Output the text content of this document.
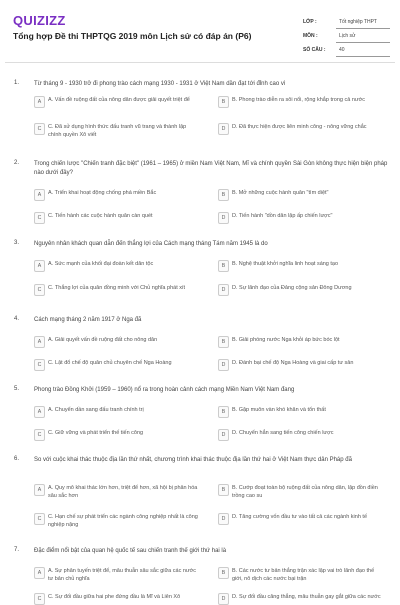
QUIZIZZ
Tổng hợp Đề thi THPTQG 2019 môn Lịch sử có đáp án (P6)
LỚP :	Tốt nghiệp THPT
MÔN :	Lịch sử
SỐ CÂU :	40
1. Từ tháng 9 - 1930 trở đi phong trào cách mạng 1930 - 1931 ở Việt Nam dần đạt tới đỉnh cao vì
A	A. Vấn đề ruộng đất của nông dân được giải quyết triệt để	B	B. Phong trào diễn ra sôi nổi, rộng khắp trong cả nước
C	C. Đã sử dụng hình thức đấu tranh vũ trang và thành lập chính quyền Xô viết
D	D. Đã thực hiện được liên minh công - nông vững chắc
2. Trong chiến lược "Chiến tranh đặc biệt" (1961 – 1965) ở miền Nam Việt Nam, Mĩ và chính quyền Sài Gòn không thực hiện biện pháp nào dưới đây?
A	A. Triển khai hoạt động chống phá miền Bắc	B	B. Mở những cuộc hành quân "tìm diệt"
C	C. Tiến hành các cuộc hành quân càn quét	D	D. Tiến hành "dồn dân lập ấp chiến lược"
3. Nguyên nhân khách quan dẫn đến thắng lợi của Cách mạng tháng Tám năm 1945 là do
A	A. Sức mạnh của khối đại đoàn kết dân tộc	B	B. Nghệ thuật khởi nghĩa linh hoạt sáng tạo
C	C. Thắng lợi của quân đồng minh với Chủ nghĩa phát xít	D	D. Sự lãnh đạo của Đảng cộng sản Đông Dương
4. Cách mạng tháng 2 năm 1917 ở Nga đã
A	A. Giải quyết vấn đề ruộng đất cho nông dân	B	B. Giải phóng nước Nga khỏi áp bức bóc lột
C	C. Lật đổ chế độ quân chủ chuyên chế Nga Hoàng	D	D. Đánh bại chế độ Nga Hoàng và giai cấp tư sản
5. Phong trào Đồng Khởi (1959 – 1960) nổ ra trong hoàn cảnh cách mạng Miền Nam Việt Nam đang
A	A. Chuyển dần sang đấu tranh chính trị	B	B. Gặp muôn vàn khó khăn và tổn thất
C	C. Giữ vững và phát triển thế tiến công	D	D. Chuyển hẳn sang tiến công chiến lược
6. So với cuộc khai thác thuộc địa lần thứ nhất, chương trình khai thác thuộc địa lần thứ hai ở Việt Nam thực dân Pháp đã
A	A. Quy mô khai thác lớn hơn, triệt để hơn, xã hội bị phân hóa sâu sắc hơn
B	B. Cướp đoạt toàn bộ ruộng đất của nông dân, lập đồn điền trồng cao su
C	C. Hạn chế sự phát triển các ngành công nghiệp nhất là công nghiệp nặng
D	D. Tăng cường vốn đầu tư vào tất cả các ngành kinh tế
7. Đặc điểm nổi bật của quan hệ quốc tế sau chiến tranh thế giới thứ hai là
A	A. Sự phân tuyến triệt để, mâu thuẫn sâu sắc giữa các nước tư bản chủ nghĩa
B	B. Các nước tư bản thắng trận xác lập vai trò lãnh đạo thế giới, nô dịch các nước bại trận
C	C. Sự đối đầu giữa hai phe đứng đầu là Mĩ và Liên Xô	D	D. Sự đối đầu căng thẳng, mâu thuẫn gay gắt giữa các nước
